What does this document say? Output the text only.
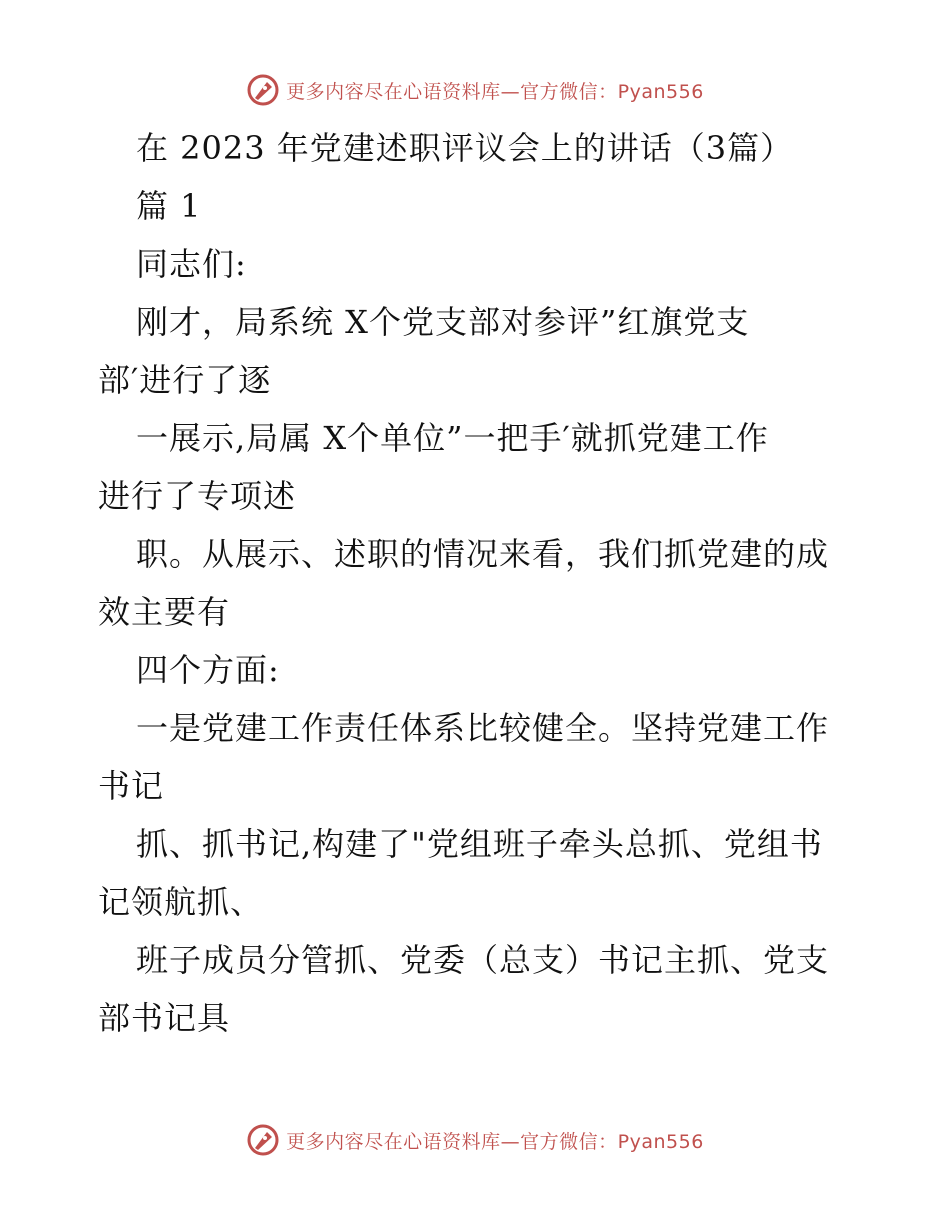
更多内容尽在心语资料库—官方微信：Pyan556
在 2023 年党建述职评议会上的讲话（3篇）
篇 1
同志们:
刚才，局系统 X个党支部对参评”红旗党支
部′进行了逐
一展示,局属 X个单位”一把手′就抓党建工作
进行了专项述
职。从展示、述职的情况来看，我们抓党建的成
效主要有
四个方面:
一是党建工作责任体系比较健全。坚持党建工作
书记
抓、抓书记,构建了"党组班子牵头总抓、党组书
记领航抓、
班子成员分管抓、党委（总支）书记主抓、党支
部书记具
更多内容尽在心语资料库—官方微信：Pyan556
